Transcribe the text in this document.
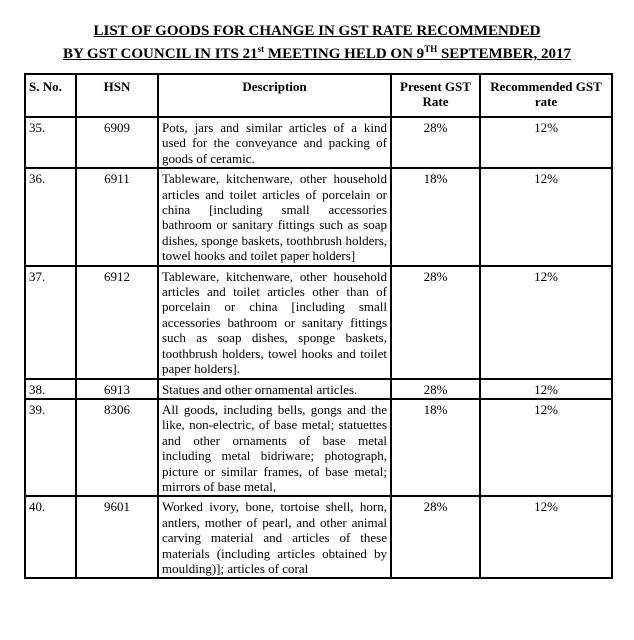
LIST OF GOODS FOR CHANGE IN GST RATE RECOMMENDED
BY GST COUNCIL IN ITS 21st MEETING HELD ON 9TH SEPTEMBER, 2017
S. No.	HSN	Description	Present GST Rate	Recommended GST rate
35.	6909	Pots, jars and similar articles of a kind used for the conveyance and packing of goods of ceramic.	28%	12%
36.	6911	Tableware, kitchenware, other household articles and toilet articles of porcelain or china [including small accessories bathroom or sanitary fittings such as soap dishes, sponge baskets, toothbrush holders, towel hooks and toilet paper holders]	18%	12%
37.	6912	Tableware, kitchenware, other household articles and toilet articles other than of porcelain or china [including small accessories bathroom or sanitary fittings such as soap dishes, sponge baskets, toothbrush holders, towel hooks and toilet paper holders].	28%	12%
38.	6913	Statues and other ornamental articles.	28%	12%
39.	8306	All goods, including bells, gongs and the like, non-electric, of base metal; statuettes and other ornaments of base metal including metal bidriware; photograph, picture or similar frames, of base metal; mirrors of base metal,	18%	12%
40.	9601	Worked ivory, bone, tortoise shell, horn, antlers, mother of pearl, and other animal carving material and articles of these materials (including articles obtained by moulding)]; articles of coral	28%	12%
